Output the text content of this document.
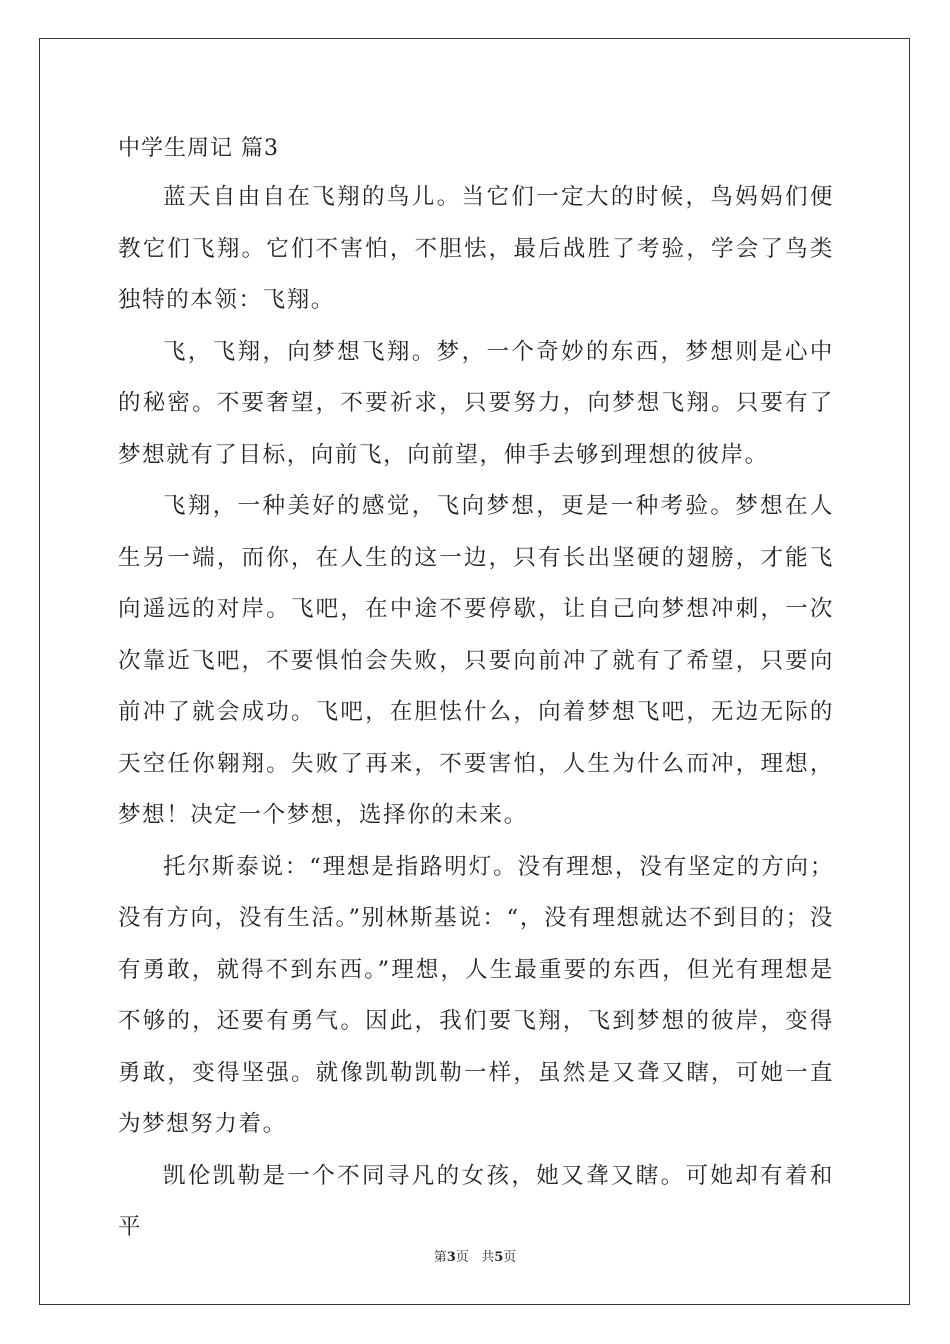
中学生周记 篇3

蓝天自由自在飞翔的鸟儿。当它们一定大的时候，鸟妈妈们便教它们飞翔。它们不害怕，不胆怯，最后战胜了考验，学会了鸟类独特的本领：飞翔。

飞，飞翔，向梦想飞翔。梦，一个奇妙的东西，梦想则是心中的秘密。不要奢望，不要祈求，只要努力，向梦想飞翔。只要有了梦想就有了目标，向前飞，向前望，伸手去够到理想的彼岸。

飞翔，一种美好的感觉，飞向梦想，更是一种考验。梦想在人生另一端，而你，在人生的这一边，只有长出坚硬的翅膀，才能飞向遥远的对岸。飞吧，在中途不要停歇，让自己向梦想冲刺，一次次靠近飞吧，不要惧怕会失败，只要向前冲了就有了希望，只要向前冲了就会成功。飞吧，在胆怯什么，向着梦想飞吧，无边无际的天空任你翱翔。失败了再来，不要害怕，人生为什么而冲，理想，梦想！决定一个梦想，选择你的未来。

托尔斯泰说：“理想是指路明灯。没有理想，没有坚定的方向；没有方向，没有生活。”别林斯基说：“，没有理想就达不到目的；没有勇敢，就得不到东西。”理想，人生最重要的东西，但光有理想是不够的，还要有勇气。因此，我们要飞翔，飞到梦想的彼岸，变得勇敢，变得坚强。就像凯勒凯勒一样，虽然是又聋又瞎，可她一直为梦想努力着。

凯伦凯勒是一个不同寻凡的女孩，她又聋又瞎。可她却有着和平

第3页 共5页
